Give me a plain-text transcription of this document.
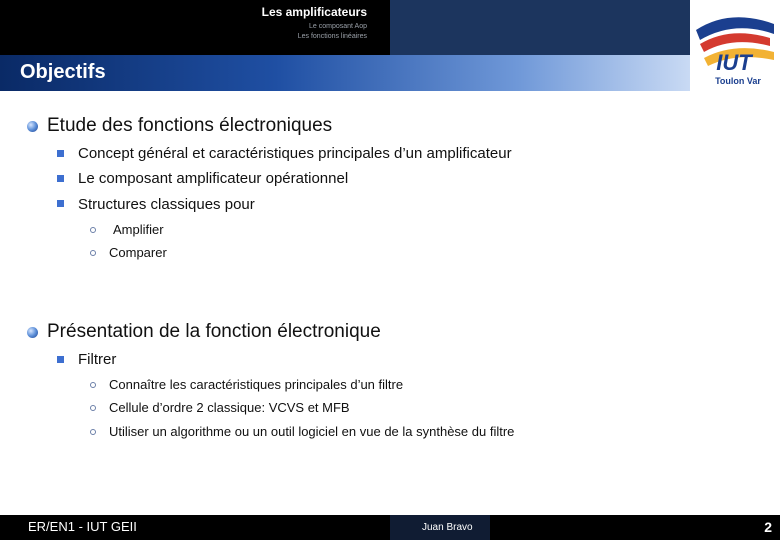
Les amplificateurs
Le composant Aop
Les fonctions linéaires
Objectifs	IUT
Toulon Var
Etude des fonctions électroniques
Concept général et caractéristiques principales d’un amplificateur
Le composant amplificateur opérationnel
Structures classiques pour
Amplifier
Comparer
Présentation de la fonction électronique
Filtrer
Connaître les caractéristiques principales d’un filtre
Cellule d’ordre 2 classique: VCVS et MFB
Utiliser un algorithme ou un outil logiciel en vue de la synthèse du filtre
ER/EN1 - IUT GEII	Juan Bravo	2
